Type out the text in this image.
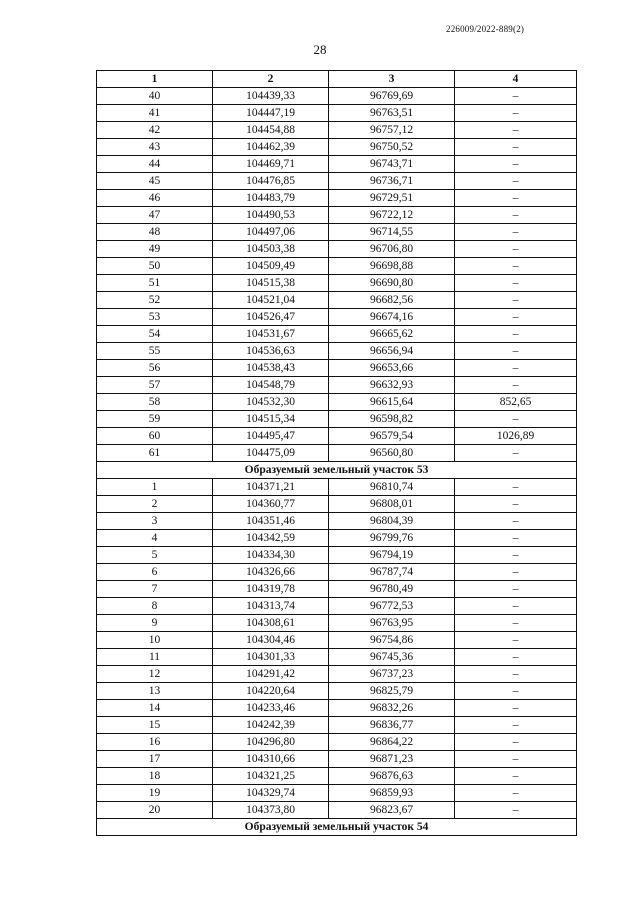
226009/2022-889(2)
28
1	2	3	4
40	104439,33	96769,69	–
41	104447,19	96763,51	–
42	104454,88	96757,12	–
43	104462,39	96750,52	–
44	104469,71	96743,71	–
45	104476,85	96736,71	–
46	104483,79	96729,51	–
47	104490,53	96722,12	–
48	104497,06	96714,55	–
49	104503,38	96706,80	–
50	104509,49	96698,88	–
51	104515,38	96690,80	–
52	104521,04	96682,56	–
53	104526,47	96674,16	–
54	104531,67	96665,62	–
55	104536,63	96656,94	–
56	104538,43	96653,66	–
57	104548,79	96632,93	–
58	104532,30	96615,64	852,65
59	104515,34	96598,82	–
60	104495,47	96579,54	1026,89
61	104475,09	96560,80	–
Образуемый земельный участок 53			
1	104371,21	96810,74	–
2	104360,77	96808,01	–
3	104351,46	96804,39	–
4	104342,59	96799,76	–
5	104334,30	96794,19	–
6	104326,66	96787,74	–
7	104319,78	96780,49	–
8	104313,74	96772,53	–
9	104308,61	96763,95	–
10	104304,46	96754,86	–
11	104301,33	96745,36	–
12	104291,42	96737,23	–
13	104220,64	96825,79	–
14	104233,46	96832,26	–
15	104242,39	96836,77	–
16	104296,80	96864,22	–
17	104310,66	96871,23	–
18	104321,25	96876,63	–
19	104329,74	96859,93	–
20	104373,80	96823,67	–
Образуемый земельный участок 54			
